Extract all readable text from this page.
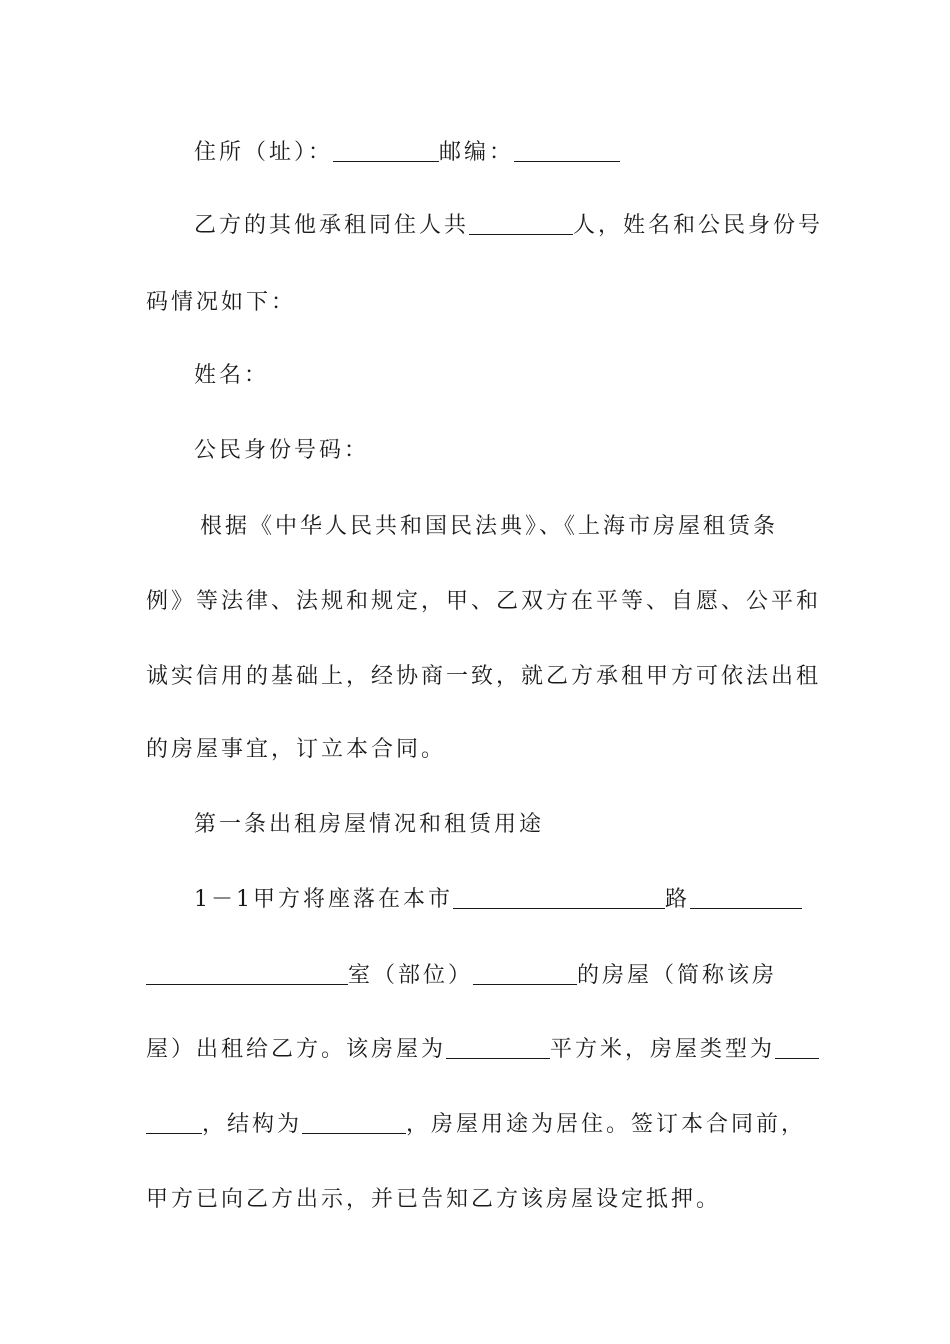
住所（址）：	邮编：
乙方的其他承租同住人共	人，姓名和公民身份号
码情况如下：
姓名：
公民身份号码：
根据《中华人民共和国民法典》、《上海市房屋租赁条
例》等法律、法规和规定，甲、乙双方在平等、自愿、公平和
诚实信用的基础上，经协商一致，就乙方承租甲方可依法出租
的房屋事宜，订立本合同。
第一条出租房屋情况和租赁用途
1－1甲方将座落在本市	路
室（部位）	的房屋（简称该房
屋）出租给乙方。该房屋为	平方米，房屋类型为
，结构为	，房屋用途为居住。签订本合同前，
甲方已向乙方出示，并已告知乙方该房屋设定抵押。
